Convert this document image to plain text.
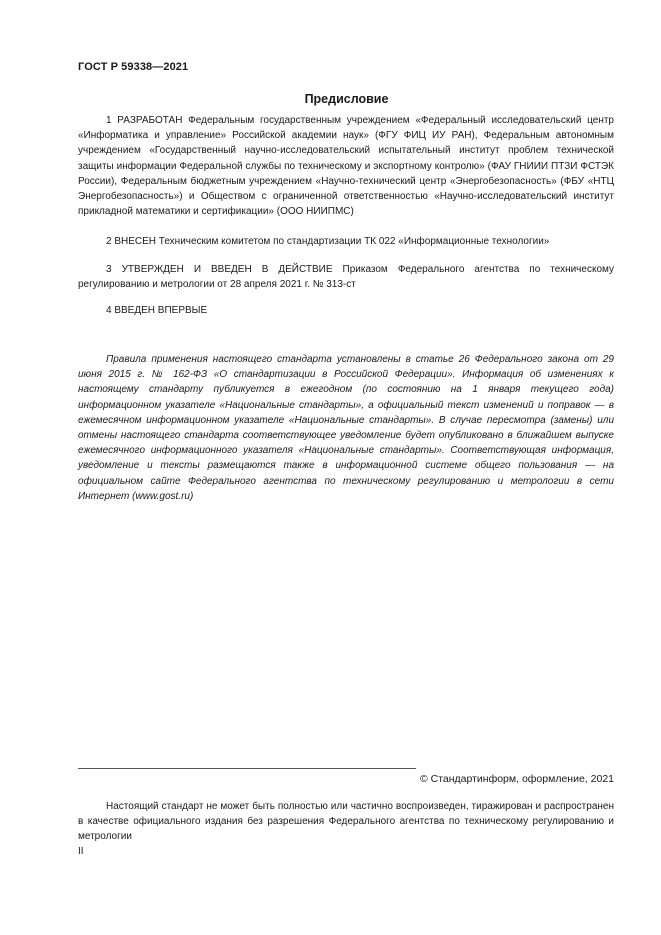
ГОСТ Р 59338—2021
Предисловие

1 РАЗРАБОТАН Федеральным государственным учреждением «Федеральный исследовательский центр «Информатика и управление» Российской академии наук» (ФГУ ФИЦ ИУ РАН), Федеральным автономным учреждением «Государственный научно-исследовательский испытательный институт проблем технической защиты информации Федеральной службы по техническому и экспортному контролю» (ФАУ ГНИИИ ПТЗИ ФСТЭК России), Федеральным бюджетным учреждением «Научно-технический центр «Энергобезопасность» (ФБУ «НТЦ Энергобезопасность») и Обществом с ограниченной ответственностью «Научно-исследовательский институт прикладной математики и сертификации» (ООО НИИПМС)

2 ВНЕСЕН Техническим комитетом по стандартизации ТК 022 «Информационные технологии»

3 УТВЕРЖДЕН И ВВЕДЕН В ДЕЙСТВИЕ Приказом Федерального агентства по техническому регулированию и метрологии от 28 апреля 2021 г. № 313-ст

4 ВВЕДЕН ВПЕРВЫЕ

Правила применения настоящего стандарта установлены в статье 26 Федерального закона от 29 июня 2015 г. № 162-ФЗ «О стандартизации в Российской Федерации». Информация об изменениях к настоящему стандарту публикуется в ежегодном (по состоянию на 1 января текущего года) информационном указателе «Национальные стандарты», а официальный текст изменений и поправок — в ежемесячном информационном указателе «Национальные стандарты». В случае пересмотра (замены) или отмены настоящего стандарта соответствующее уведомление будет опубликовано в ближайшем выпуске ежемесячного информационного указателя «Национальные стандарты». Соответствующая информация, уведомление и тексты размещаются также в информационной системе общего пользования — на официальном сайте Федерального агентства по техническому регулированию и метрологии в сети Интернет (www.gost.ru)

© Стандартинформ, оформление, 2021

Настоящий стандарт не может быть полностью или частично воспроизведен, тиражирован и распространен в качестве официального издания без разрешения Федерального агентства по техническому регулированию и метрологии

II
